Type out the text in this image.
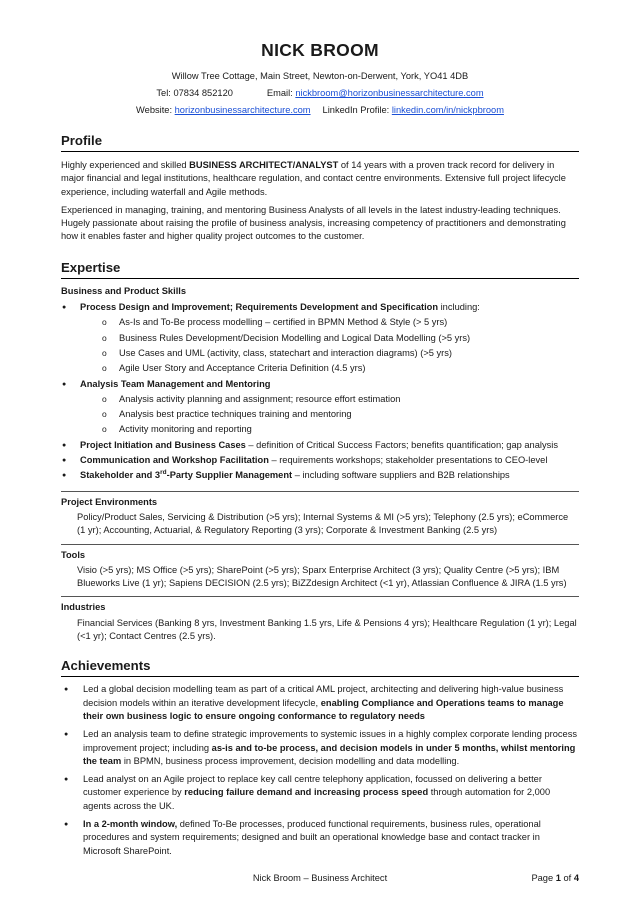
NICK BROOM
Willow Tree Cottage, Main Street, Newton-on-Derwent, York, YO41 4DB
Tel: 07834 852120	Email: nickbroom@horizonbusinessarchitecture.com
Website: horizonbusinessarchitecture.com LinkedIn Profile: linkedin.com/in/nickpbroom
Profile

Highly experienced and skilled BUSINESS ARCHITECT/ANALYST of 14 years with a proven track record for delivery in major financial and legal institutions, healthcare regulation, and contact centre environments. Extensive full project lifecycle experience, including waterfall and Agile methods.

Experienced in managing, training, and mentoring Business Analysts of all levels in the latest industry-leading techniques. Hugely passionate about raising the profile of business analysis, increasing competency of practitioners and demonstrating how it enables faster and higher quality project outcomes to the customer.

Expertise

Business and Product Skills

● Process Design and Improvement; Requirements Development and Specification including:
o As-Is and To-Be process modelling – certified in BPMN Method & Style (> 5 yrs)
o Business Rules Development/Decision Modelling and Logical Data Modelling (>5 yrs)
o Use Cases and UML (activity, class, statechart and interaction diagrams) (>5 yrs)
o Agile User Story and Acceptance Criteria Definition (4.5 yrs)
● Analysis Team Management and Mentoring
o Analysis activity planning and assignment; resource effort estimation
o Analysis best practice techniques training and mentoring
o Activity monitoring and reporting
● Project Initiation and Business Cases – definition of Critical Success Factors; benefits quantification; gap analysis
● Communication and Workshop Facilitation – requirements workshops; stakeholder presentations to CEO-level
● Stakeholder and 3rd-Party Supplier Management – including software suppliers and B2B relationships

Project Environments

Policy/Product Sales, Servicing & Distribution (>5 yrs); Internal Systems & MI (>5 yrs); Telephony (2.5 yrs); eCommerce (1 yr); Accounting, Actuarial, & Regulatory Reporting (3 yrs); Corporate & Investment Banking (2.5 yrs)

Tools

Visio (>5 yrs); MS Office (>5 yrs); SharePoint (>5 yrs); Sparx Enterprise Architect (3 yrs); Quality Centre (>5 yrs); IBM Blueworks Live (1 yr); Sapiens DECISION (2.5 yrs); BiZZdesign Architect (<1 yr), Atlassian Confluence & JIRA (1.5 yrs)

Industries

Financial Services (Banking 8 yrs, Investment Banking 1.5 yrs, Life & Pensions 4 yrs); Healthcare Regulation (1 yr); Legal (<1 yr); Contact Centres (2.5 yrs).

Achievements
● Led a global decision modelling team as part of a critical AML project, architecting and delivering high-value business decision models within an iterative development lifecycle, enabling Compliance and Operations teams to manage their own business logic to ensure ongoing conformance to regulatory needs
● Led an analysis team to define strategic improvements to systemic issues in a highly complex corporate lending process improvement project; including as-is and to-be process, and decision models in under 5 months, whilst mentoring the team in BPMN, business process improvement, decision modelling and data modelling.
● Lead analyst on an Agile project to replace key call centre telephony application, focussed on delivering a better customer experience by reducing failure demand and increasing process speed through automation for 2,000 agents across the UK.
● In a 2-month window, defined To-Be processes, produced functional requirements, business rules, operational procedures and system requirements; designed and built an operational knowledge base and contact tracker in Microsoft SharePoint.
Nick Broom – Business Architect	Page 1 of 4
